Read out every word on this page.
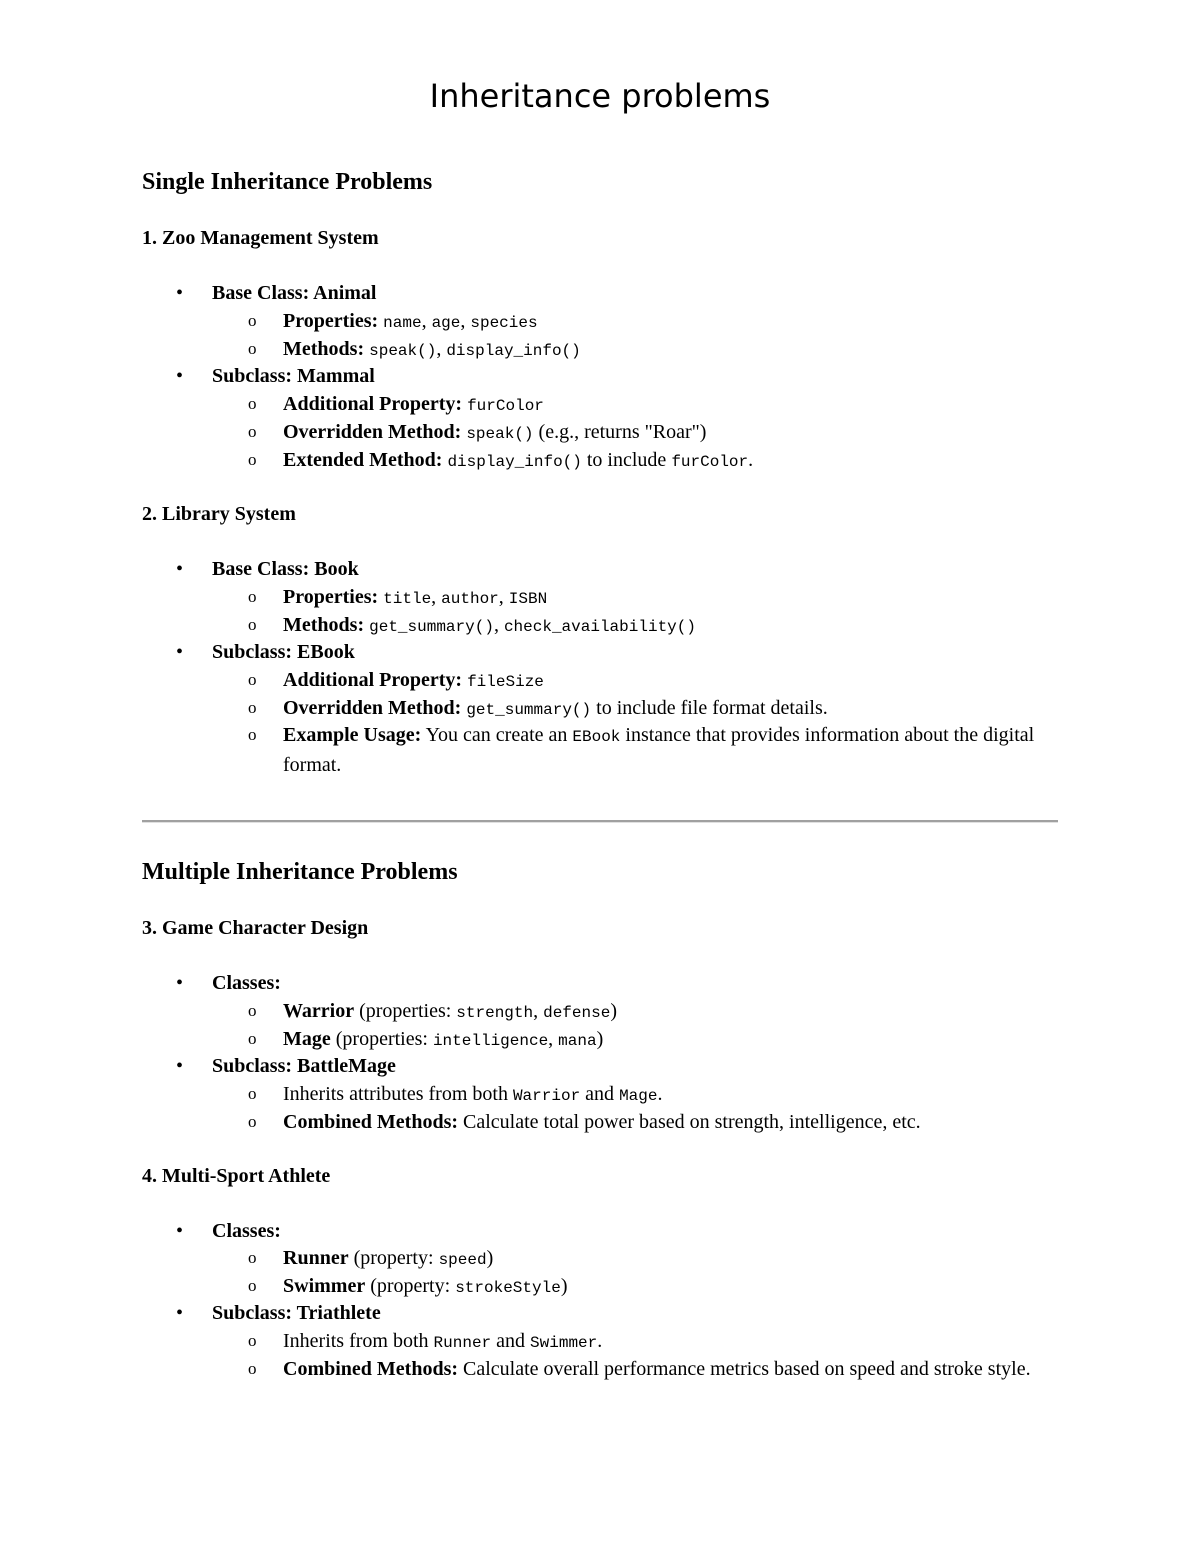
Inheritance problems
Single Inheritance Problems
1. Zoo Management System
• Base Class: Animal
o Properties: name, age, species
o Methods: speak(), display_info()
• Subclass: Mammal
o Additional Property: furColor
o Overridden Method: speak() (e.g., returns "Roar")
o Extended Method: display_info() to include furColor.
2. Library System
• Base Class: Book
o Properties: title, author, ISBN
o Methods: get_summary(), check_availability()
• Subclass: EBook
o Additional Property: fileSize
o Overridden Method: get_summary() to include file format details.
o Example Usage: You can create an EBook instance that provides information about the digital format.
Multiple Inheritance Problems
3. Game Character Design
• Classes:
o Warrior (properties: strength, defense)
o Mage (properties: intelligence, mana)
• Subclass: BattleMage
o Inherits attributes from both Warrior and Mage.
o Combined Methods: Calculate total power based on strength, intelligence, etc.
4. Multi-Sport Athlete
• Classes:
o Runner (property: speed)
o Swimmer (property: strokeStyle)
• Subclass: Triathlete
o Inherits from both Runner and Swimmer.
o Combined Methods: Calculate overall performance metrics based on speed and stroke style.
